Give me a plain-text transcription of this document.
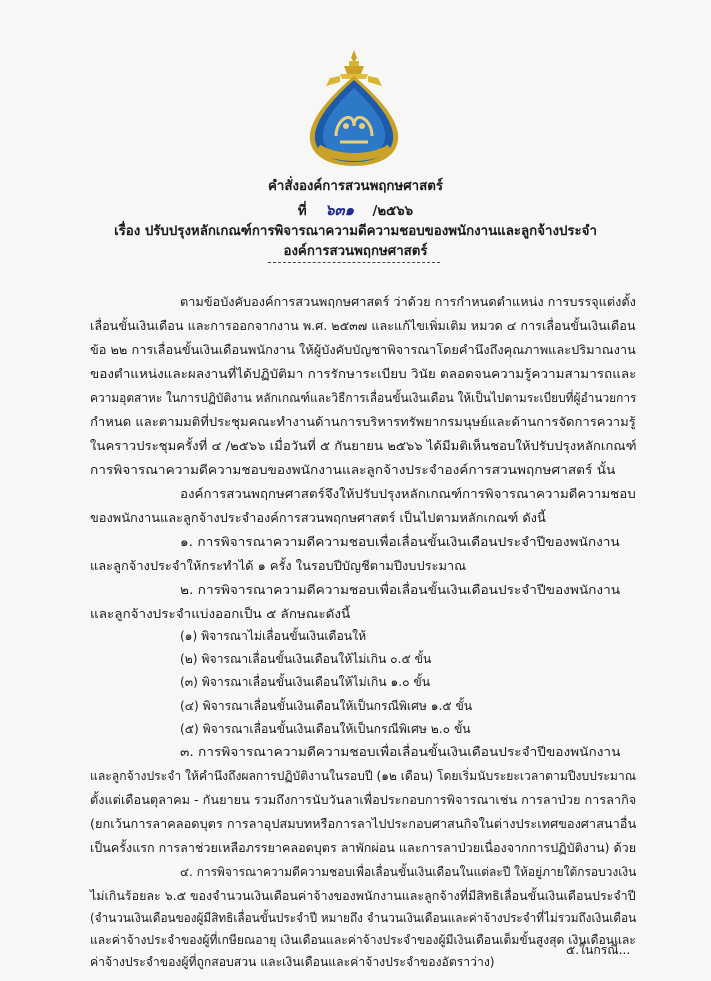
คำสั่งองค์การสวนพฤกษศาสตร์
ที่ ๖๓๑ /๒๕๖๖
เรื่อง ปรับปรุงหลักเกณฑ์การพิจารณาความดีความชอบของพนักงานและลูกจ้างประจำ
องค์การสวนพฤกษศาสตร์
ตามข้อบังคับองค์การสวนพฤกษศาสตร์ ว่าด้วย การกำหนดตำแหน่ง การบรรจุแต่งตั้ง
เลื่อนขั้นเงินเดือน และการออกจากงาน พ.ศ. ๒๕๓๗ และแก้ไขเพิ่มเติม หมวด ๔ การเลื่อนขั้นเงินเดือน
ข้อ ๒๒ การเลื่อนขั้นเงินเดือนพนักงาน ให้ผู้บังคับบัญชาพิจารณาโดยคำนึงถึงคุณภาพและปริมาณงาน
ของตำแหน่งและผลงานที่ได้ปฏิบัติมา การรักษาระเบียบ วินัย ตลอดจนความรู้ความสามารถและ
ความอุตสาหะ ในการปฏิบัติงาน หลักเกณฑ์และวิธีการเลื่อนขั้นเงินเดือน ให้เป็นไปตามระเบียบที่ผู้อำนวยการ
กำหนด และตามมติที่ประชุมคณะทำงานด้านการบริหารทรัพยากรมนุษย์และด้านการจัดการความรู้
ในคราวประชุมครั้งที่ ๔ /๒๕๖๖ เมื่อวันที่ ๕ กันยายน ๒๕๖๖ ได้มีมติเห็นชอบให้ปรับปรุงหลักเกณฑ์
การพิจารณาความดีความชอบของพนักงานและลูกจ้างประจำองค์การสวนพฤกษศาสตร์ นั้น
องค์การสวนพฤกษศาสตร์จึงให้ปรับปรุงหลักเกณฑ์การพิจารณาความดีความชอบ
ของพนักงานและลูกจ้างประจำองค์การสวนพฤกษศาสตร์ เป็นไปตามหลักเกณฑ์ ดังนี้
๑. การพิจารณาความดีความชอบเพื่อเลื่อนขั้นเงินเดือนประจำปีของพนักงาน
และลูกจ้างประจำให้กระทำได้ ๑ ครั้ง ในรอบปีบัญชีตามปีงบประมาณ
๒. การพิจารณาความดีความชอบเพื่อเลื่อนขั้นเงินเดือนประจำปีของพนักงาน
และลูกจ้างประจำแบ่งออกเป็น ๕ ลักษณะดังนี้
(๑) พิจารณาไม่เลื่อนขั้นเงินเดือนให้
(๒) พิจารณาเลื่อนขั้นเงินเดือนให้ไม่เกิน ๐.๕ ขั้น
(๓) พิจารณาเลื่อนขั้นเงินเดือนให้ไม่เกิน ๑.๐ ขั้น
(๔) พิจารณาเลื่อนขั้นเงินเดือนให้เป็นกรณีพิเศษ ๑.๕ ขั้น
(๕) พิจารณาเลื่อนขั้นเงินเดือนให้เป็นกรณีพิเศษ ๒.๐ ขั้น
๓. การพิจารณาความดีความชอบเพื่อเลื่อนขั้นเงินเดือนประจำปีของพนักงาน
และลูกจ้างประจำ ให้คำนึงถึงผลการปฏิบัติงานในรอบปี (๑๒ เดือน) โดยเริ่มนับระยะเวลาตามปีงบประมาณ
ตั้งแต่เดือนตุลาคม - กันยายน รวมถึงการนับวันลาเพื่อประกอบการพิจารณาเช่น การลาป่วย การลากิจ
(ยกเว้นการลาคลอดบุตร การลาอุปสมบทหรือการลาไปประกอบศาสนกิจในต่างประเทศของศาสนาอื่น
เป็นครั้งแรก การลาช่วยเหลือภรรยาคลอดบุตร ลาพักผ่อน และการลาป่วยเนื่องจากการปฏิบัติงาน) ด้วย
๔. การพิจารณาความดีความชอบเพื่อเลื่อนขั้นเงินเดือนในแต่ละปี ให้อยู่ภายใต้กรอบวงเงิน
ไม่เกินร้อยละ ๖.๕ ของจำนวนเงินเดือนค่าจ้างของพนักงานและลูกจ้างที่มีสิทธิเลื่อนขั้นเงินเดือนประจำปี
(จำนวนเงินเดือนของผู้มีสิทธิเลื่อนขั้นประจำปี หมายถึง จำนวนเงินเดือนและค่าจ้างประจำที่ไม่รวมถึงเงินเดือน
และค่าจ้างประจำของผู้ที่เกษียณอายุ เงินเดือนและค่าจ้างประจำของผู้มีเงินเดือนเต็มขั้นสูงสุด เงินเดือนและ
ค่าจ้างประจำของผู้ที่ถูกสอบสวน และเงินเดือนและค่าจ้างประจำของอัตราว่าง)
๕.ในกรณี...
